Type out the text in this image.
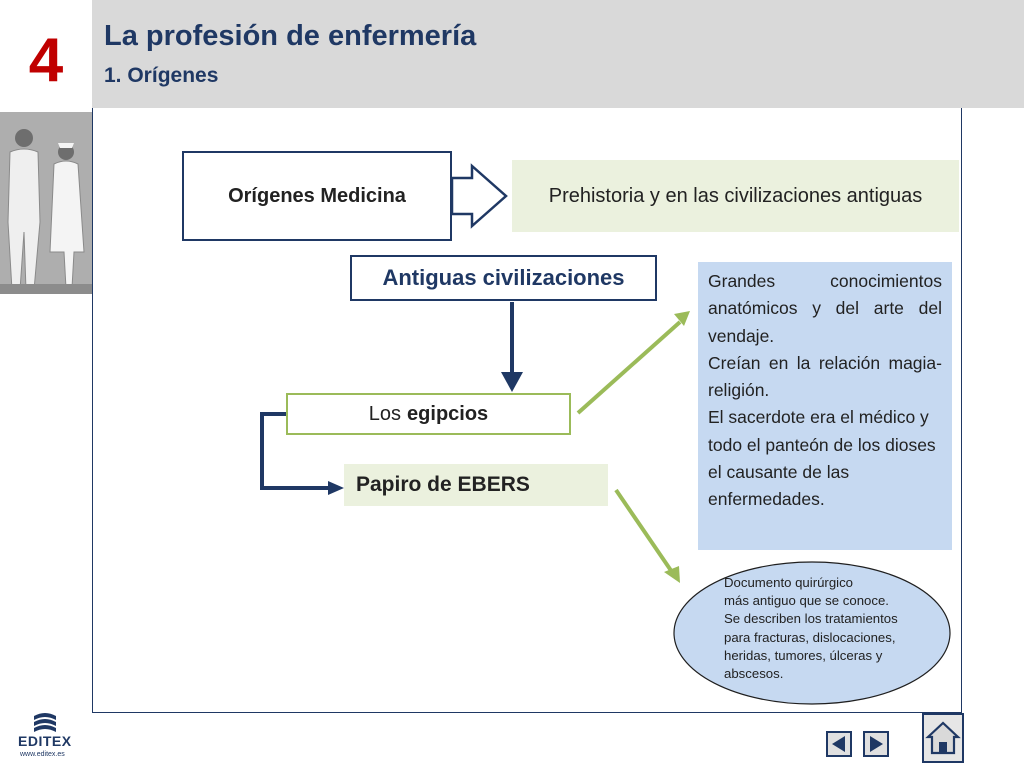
4	La profesión de enfermería
1. Orígenes
Orígenes Medicina	Prehistoria y en las civilizaciones antiguas
Antiguas civilizaciones
Los egipcios
Papiro de EBERS

Grandes conocimientos anatómicos y del arte del vendaje.

Creían en la relación magia-religión.

El sacerdote era el médico y todo el panteón de los dioses el causante de las enfermedades.

Documento quirúrgico

más antiguo que se conoce.

Se describen los tratamientos

para fracturas, dislocaciones,

heridas, tumores, úlceras y

abscesos.

EDITEX
www.editex.es
